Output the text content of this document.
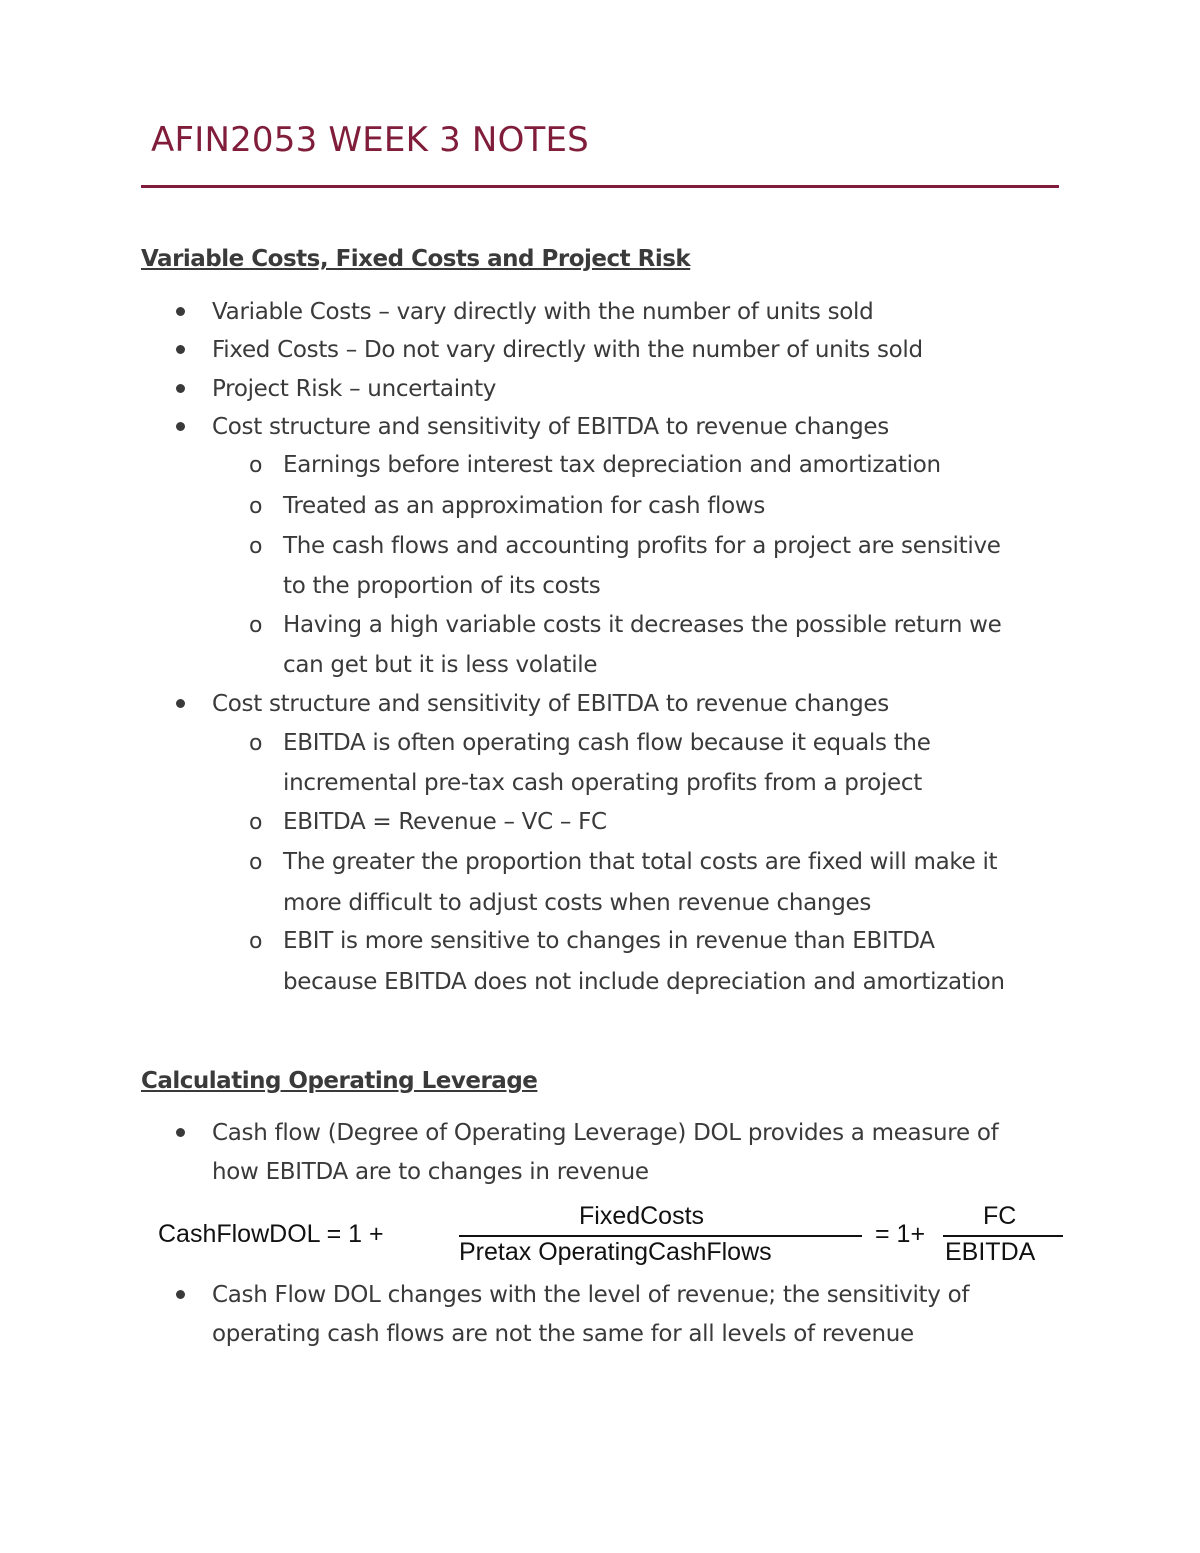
AFIN2053 WEEK 3 NOTES
Variable Costs, Fixed Costs and Project Risk
Variable Costs – vary directly with the number of units sold
Fixed Costs – Do not vary directly with the number of units sold
Project Risk – uncertainty
Cost structure and sensitivity of EBITDA to revenue changes
o Earnings before interest tax depreciation and amortization
o Treated as an approximation for cash flows
o The cash flows and accounting profits for a project are sensitive
to the proportion of its costs
o Having a high variable costs it decreases the possible return we
can get but it is less volatile
Cost structure and sensitivity of EBITDA to revenue changes
o EBITDA is often operating cash flow because it equals the
incremental pre-tax cash operating profits from a project
o EBITDA = Revenue – VC – FC
o The greater the proportion that total costs are fixed will make it
more difficult to adjust costs when revenue changes
o EBIT is more sensitive to changes in revenue than EBITDA
because EBITDA does not include depreciation and amortization
Calculating Operating Leverage
Cash flow (Degree of Operating Leverage) DOL provides a measure of
how EBITDA are to changes in revenue
CashFlowDOL = 1 +
FixedCosts
Pretax OperatingCashFlows
= 1+
FC
EBITDA
Cash Flow DOL changes with the level of revenue; the sensitivity of
operating cash flows are not the same for all levels of revenue
